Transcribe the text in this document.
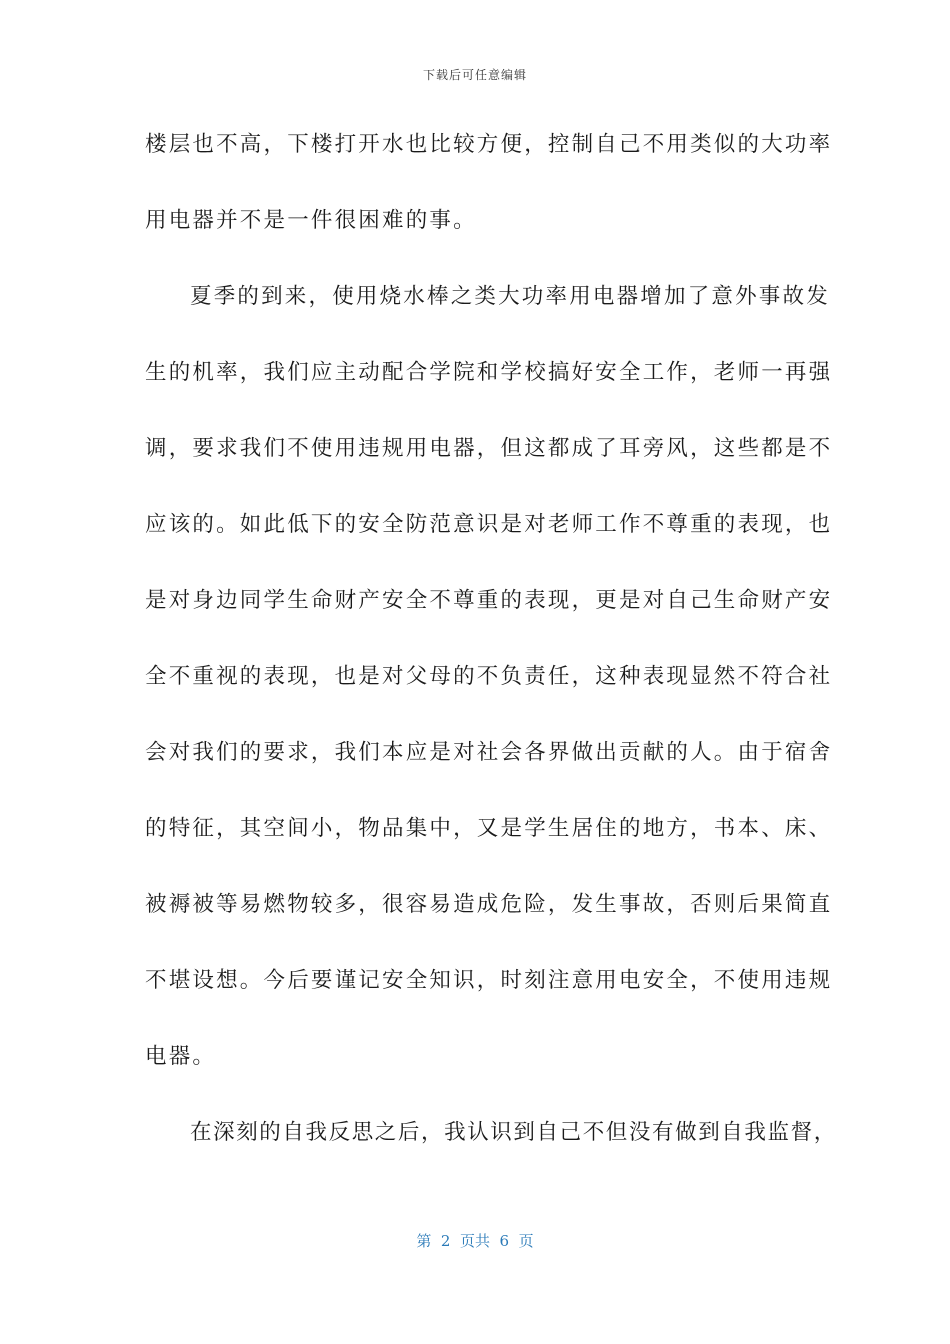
下载后可任意编辑
楼层也不高，下楼打开水也比较方便，控制自己不用类似的大功率
用电器并不是一件很困难的事。
夏季的到来，使用烧水棒之类大功率用电器增加了意外事故发
生的机率，我们应主动配合学院和学校搞好安全工作，老师一再强
调，要求我们不使用违规用电器，但这都成了耳旁风，这些都是不
应该的。如此低下的安全防范意识是对老师工作不尊重的表现，也
是对身边同学生命财产安全不尊重的表现，更是对自己生命财产安
全不重视的表现，也是对父母的不负责任，这种表现显然不符合社
会对我们的要求，我们本应是对社会各界做出贡献的人。由于宿舍
的特征，其空间小，物品集中，又是学生居住的地方，书本、床、
被褥被等易燃物较多，很容易造成危险，发生事故，否则后果简直
不堪设想。今后要谨记安全知识，时刻注意用电安全，不使用违规
电器。
在深刻的自我反思之后，我认识到自己不但没有做到自我监督，
第  2  页共  6  页
